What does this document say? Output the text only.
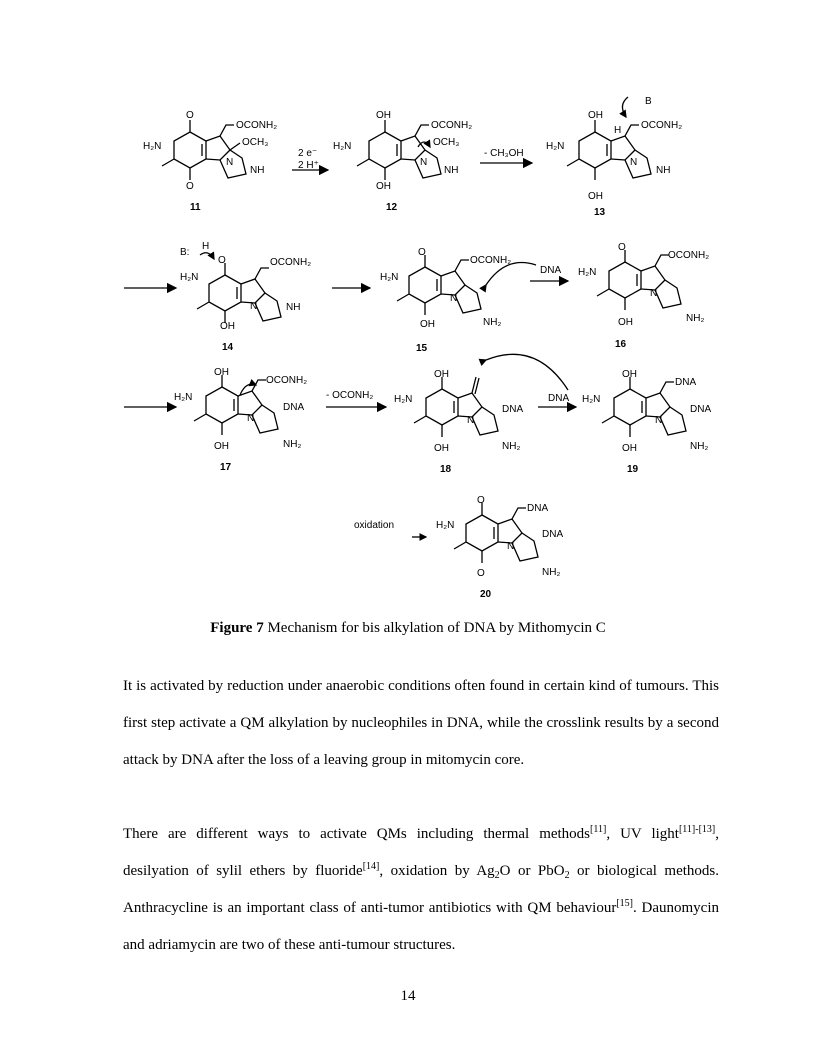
H₂N
O
O
OCONH₂
OCH₃
N
NH
11
2 e⁻
2 H⁺
H₂N
OH
OH
OCONH₂
OCH₃
N
NH
12
- CH₃OH
H₂N
OH
OH
H OCONH₂
B
N
NH
13
B:
H
O
H₂N
OCONH₂
N	NH
OH
14
H₂N
O
OCONH₂
N
NH₂
OH
15
DNA H₂N
O
OCONH₂
N
NH₂
OH
16
H₂N
OH
OCONH₂
DNA
N
NH₂
OH
17
- OCONH₂ H₂N
OH
DNA
N
NH₂
OH
18
DNA H₂N
OH
DNA
DNA
N
NH₂
OH
19
oxidation	H₂N
O
O
DNA
DNA
N
NH₂
20
Figure 7 Mechanism for bis alkylation of DNA by Mithomycin C
It is activated by reduction under anaerobic conditions often found in certain kind of tumours. This first step activate a QM alkylation by nucleophiles in DNA, while the crosslink results by a second attack by DNA after the loss of a leaving group in mitomycin core.
There are different ways to activate QMs including thermal methods[11], UV light[11]-[13], desilyation of sylil ethers by fluoride[14], oxidation by $Ag_2O$ or PbO$_2$ or biological methods. Anthracycline is an important class of anti-tumor antibiotics with QM behaviour[15]. Daunomycin and adriamycin are two of these anti-tumour structures.
14
